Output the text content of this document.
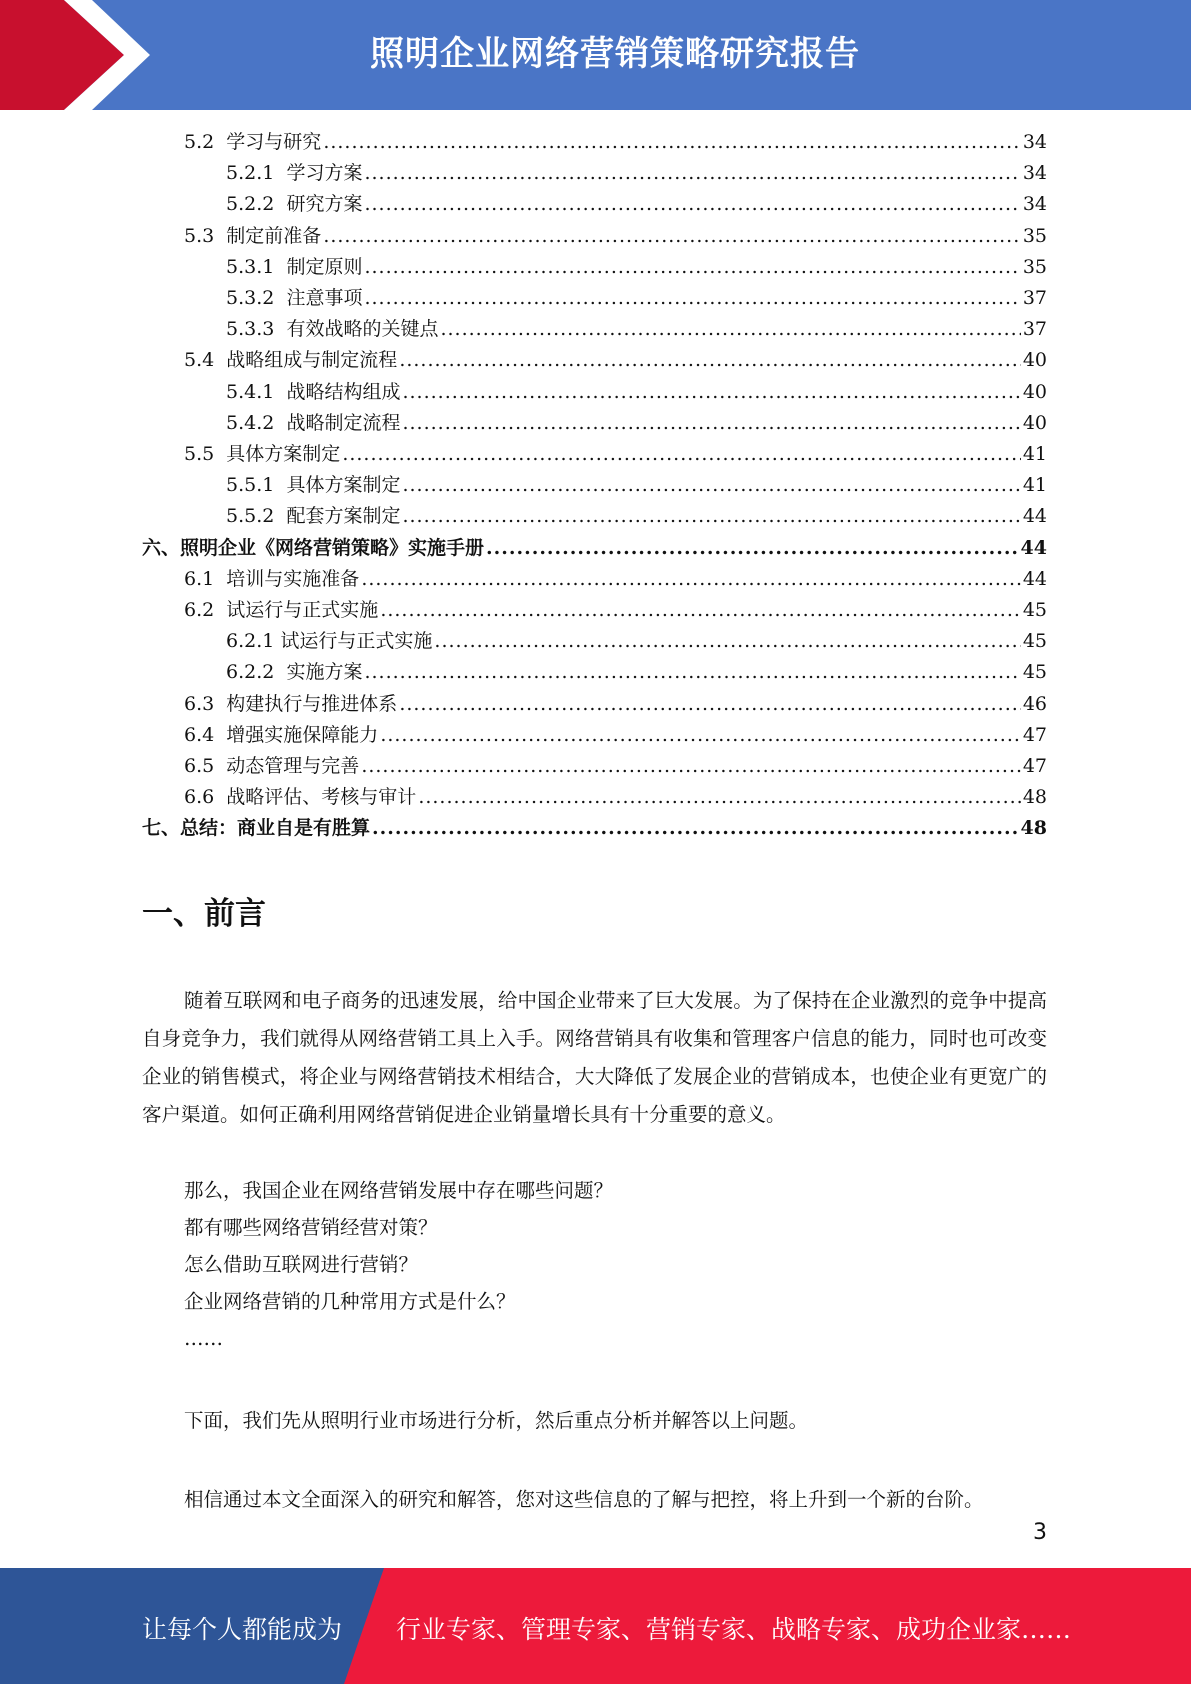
照明企业网络营销策略研究报告
5.2 学习与研究 .....	34
5.2.1 学习方案 .....	34
5.2.2 研究方案 .....	34
5.3 制定前准备 .....	35
5.3.1 制定原则 .....	35
5.3.2 注意事项 .....	37
5.3.3 有效战略的关键点 .....	37
5.4 战略组成与制定流程 .....	40
5.4.1 战略结构组成 .....	40
5.4.2 战略制定流程 .....	40
5.5 具体方案制定 .....	41
5.5.1 具体方案制定 .....	41
5.5.2 配套方案制定 .....	44
六、照明企业《网络营销策略》实施手册 .....	44
6.1 培训与实施准备 .....	44
6.2 试运行与正式实施 .....	45
6.2.1 试运行与正式实施 .....	45
6.2.2 实施方案 .....	45
6.3 构建执行与推进体系 .....	46
6.4 增强实施保障能力 .....	47
6.5 动态管理与完善 .....	47
6.6 战略评估、考核与审计 .....	48
七、总结：商业自是有胜算 .....	48
一、前言

随着互联网和电子商务的迅速发展，给中国企业带来了巨大发展。为了保持在企业激烈的竞争中提高自身竞争力，我们就得从网络营销工具上入手。网络营销具有收集和管理客户信息的能力，同时也可改变企业的销售模式，将企业与网络营销技术相结合，大大降低了发展企业的营销成本，也使企业有更宽广的客户渠道。如何正确利用网络营销促进企业销量增长具有十分重要的意义。

那么，我国企业在网络营销发展中存在哪些问题？
都有哪些网络营销经营对策？
怎么借助互联网进行营销？
企业网络营销的几种常用方式是什么？
……
下面，我们先从照明行业市场进行分析，然后重点分析并解答以上问题。
相信通过本文全面深入的研究和解答，您对这些信息的了解与把控，将上升到一个新的台阶。
3
让每个人都能成为 行业专家、管理专家、营销专家、战略专家、成功企业家……
